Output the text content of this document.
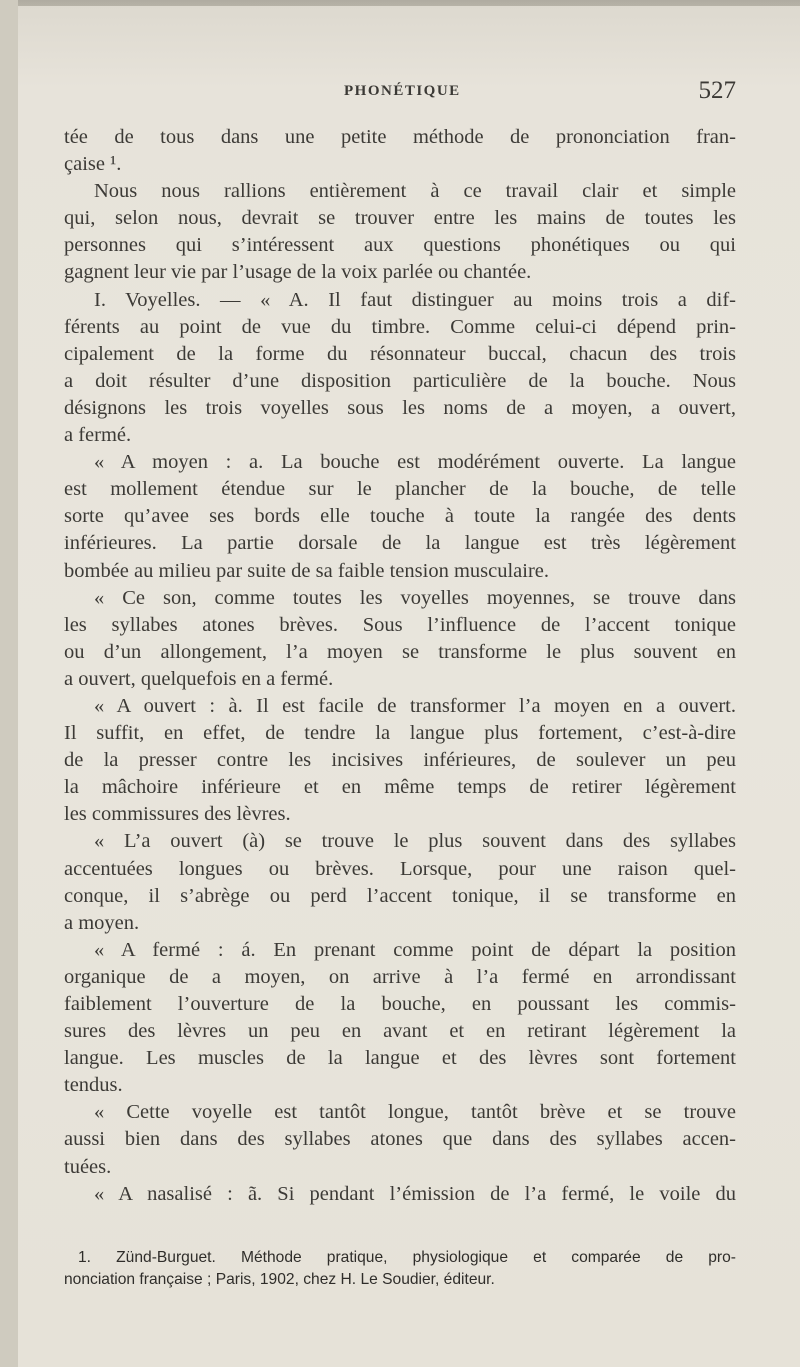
PHONÉTIQUE	527

tée de tous dans une petite méthode de prononciation fran-

çaise ¹.

Nous nous rallions entièrement à ce travail clair et simple

qui, selon nous, devrait se trouver entre les mains de toutes les

personnes qui s’intéressent aux questions phonétiques ou qui

gagnent leur vie par l’usage de la voix parlée ou chantée.

I. Voyelles. — « A. Il faut distinguer au moins trois a dif-

férents au point de vue du timbre. Comme celui-ci dépend prin-

cipalement de la forme du résonnateur buccal, chacun des trois

a doit résulter d’une disposition particulière de la bouche. Nous

désignons les trois voyelles sous les noms de a moyen, a ouvert,

a fermé.

« A moyen : a. La bouche est modérément ouverte. La langue

est mollement étendue sur le plancher de la bouche, de telle

sorte qu’avee ses bords elle touche à toute la rangée des dents

inférieures. La partie dorsale de la langue est très légèrement

bombée au milieu par suite de sa faible tension musculaire.

« Ce son, comme toutes les voyelles moyennes, se trouve dans

les syllabes atones brèves. Sous l’influence de l’accent tonique

ou d’un allongement, l’a moyen se transforme le plus souvent en

a ouvert, quelquefois en a fermé.

« A ouvert : à. Il est facile de transformer l’a moyen en a ouvert.

Il suffit, en effet, de tendre la langue plus fortement, c’est-à-dire

de la presser contre les incisives inférieures, de soulever un peu

la mâchoire inférieure et en même temps de retirer légèrement

les commissures des lèvres.

« L’a ouvert (à) se trouve le plus souvent dans des syllabes

accentuées longues ou brèves. Lorsque, pour une raison quel-

conque, il s’abrège ou perd l’accent tonique, il se transforme en

a moyen.

« A fermé : á. En prenant comme point de départ la position

organique de a moyen, on arrive à l’a fermé en arrondissant

faiblement l’ouverture de la bouche, en poussant les commis-

sures des lèvres un peu en avant et en retirant légèrement la

langue. Les muscles de la langue et des lèvres sont fortement

tendus.

« Cette voyelle est tantôt longue, tantôt brève et se trouve

aussi bien dans des syllabes atones que dans des syllabes accen-

tuées.

« A nasalisé : ã. Si pendant l’émission de l’a fermé, le voile du

1. Zünd-Burguet. Méthode pratique, physiologique et comparée de pro-

nonciation française ; Paris, 1902, chez H. Le Soudier, éditeur.
